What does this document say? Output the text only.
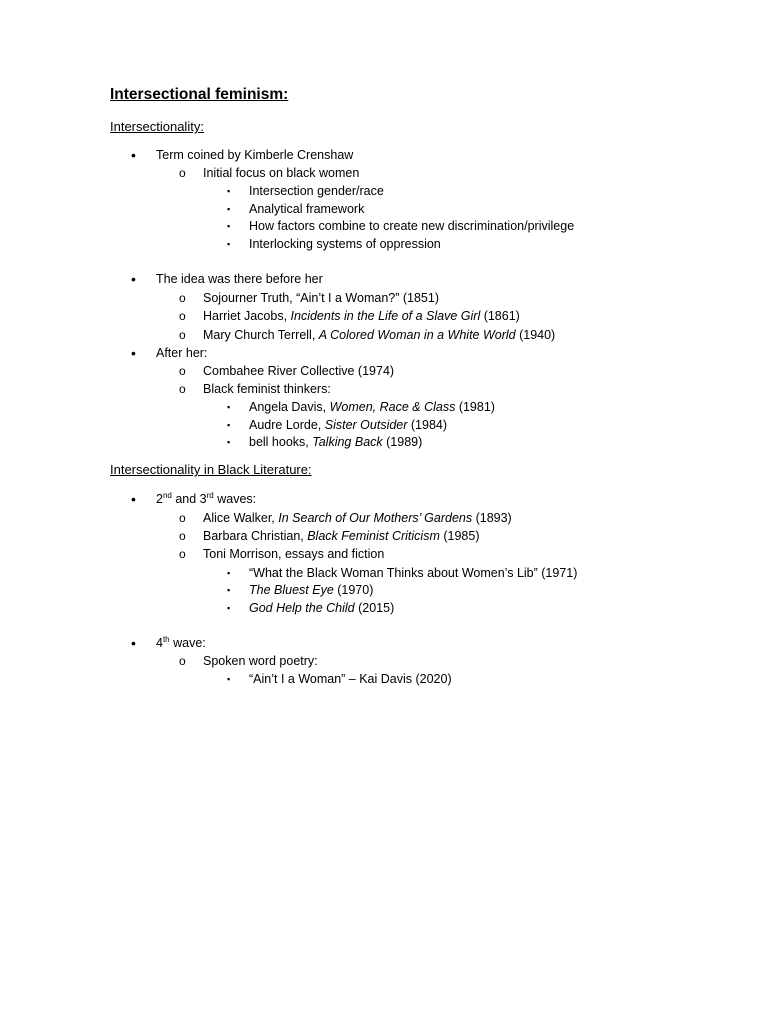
Intersectional feminism:
Intersectionality:
• Term coined by Kimberle Crenshaw
o Initial focus on black women
▪ Intersection gender/race
▪ Analytical framework
▪ How factors combine to create new discrimination/privilege
▪ Interlocking systems of oppression
• The idea was there before her
o Sojourner Truth, “Ain’t I a Woman?” (1851)
o Harriet Jacobs, Incidents in the Life of a Slave Girl (1861)
o Mary Church Terrell, A Colored Woman in a White World (1940)
• After her:
o Combahee River Collective (1974)
o Black feminist thinkers:
▪ Angela Davis, Women, Race & Class (1981)
▪ Audre Lorde, Sister Outsider (1984)
▪ bell hooks, Talking Back (1989)
Intersectionality in Black Literature:
• 2nd and 3rd waves:
o Alice Walker, In Search of Our Mothers’ Gardens (1893)
o Barbara Christian, Black Feminist Criticism (1985)
o Toni Morrison, essays and fiction
▪ “What the Black Woman Thinks about Women’s Lib” (1971)
▪ The Bluest Eye (1970)
▪ God Help the Child (2015)
• 4th wave:
o Spoken word poetry:
▪ “Ain’t I a Woman” – Kai Davis (2020)
